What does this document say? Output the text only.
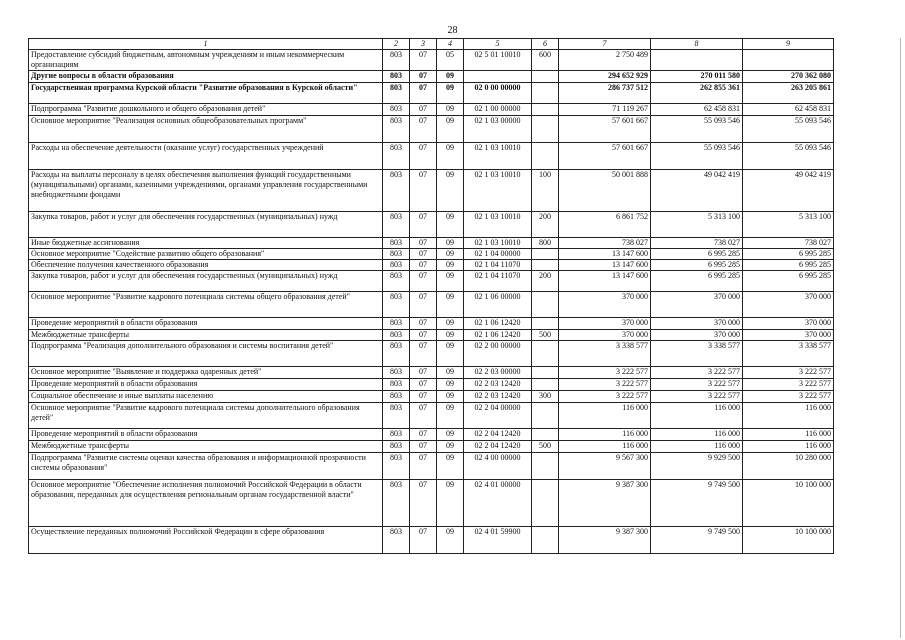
28
1	2	3	4	5	6	7	8	9
Предоставление субсидий бюджетным, автономным учреждениям и иным некоммерческим организациям	803	07	05	02 5 01 10010	600	2 750 489		
Другие вопросы в области образования	803	07	09			294 652 929	270 011 580	270 362 080
Государственная программа Курской области "Развитие образования в Курской области"	803	07	09	02 0 00 00000		286 737 512	262 855 361	263 205 861
Подпрограмма "Развитие дошкольного и общего образования детей"	803	07	09	02 1 00 00000		71 119 267	62 458 831	62 458 831
Основное мероприятие "Реализация основных общеобразовательных программ"	803	07	09	02 1 03 00000		57 601 667	55 093 546	55 093 546
Расходы на обеспечение деятельности (оказание услуг) государственных учреждений	803	07	09	02 1 03 10010		57 601 667	55 093 546	55 093 546
Расходы на выплаты персоналу в целях обеспечения выполнения функций государственными (муниципальными) органами, казенными учреждениями, органами управления государственными внебюджетными фондами	803	07	09	02 1 03 10010	100	50 001 888	49 042 419	49 042 419
Закупка товаров, работ и услуг для обеспечения государственных (муниципальных) нужд	803	07	09	02 1 03 10010	200	6 861 752	5 313 100	5 313 100
Иные бюджетные ассигнования	803	07	09	02 1 03 10010	800	738 027	738 027	738 027
Основное мероприятие "Содействие развитию общего образования"	803	07	09	02 1 04 00000		13 147 600	6 995 285	6 995 285
Обеспечение получения качественного образования	803	07	09	02 1 04 11070		13 147 600	6 995 285	6 995 285
Закупка товаров, работ и услуг для обеспечения государственных (муниципальных) нужд	803	07	09	02 1 04 11070	200	13 147 600	6 995 285	6 995 285
Основное мероприятие "Развитие кадрового потенциала системы общего образования детей"	803	07	09	02 1 06 00000		370 000	370 000	370 000
Проведение мероприятий в области образования	803	07	09	02 1 06 12420		370 000	370 000	370 000
Межбюджетные трансферты	803	07	09	02 1 06 12420	500	370 000	370 000	370 000
Подпрограмма "Реализация дополнительного образования и системы воспитания детей"	803	07	09	02 2 00 00000		3 338 577	3 338 577	3 338 577
Основное мероприятие "Выявление и поддержка одаренных детей"	803	07	09	02 2 03 00000		3 222 577	3 222 577	3 222 577
Проведение мероприятий в области образования	803	07	09	02 2 03 12420		3 222 577	3 222 577	3 222 577
Социальное обеспечение и иные выплаты населению	803	07	09	02 2 03 12420	300	3 222 577	3 222 577	3 222 577
Основное мероприятие "Развитие кадрового потенциала системы дополнительного образования детей"	803	07	09	02 2 04 00000		116 000	116 000	116 000
Проведение мероприятий в области образования	803	07	09	02 2 04 12420		116 000	116 000	116 000
Межбюджетные трансферты	803	07	09	02 2 04 12420	500	116 000	116 000	116 000
Подпрограмма "Развитие системы оценки качества образования и информационной прозрачности системы образования"	803	07	09	02 4 00 00000		9 567 300	9 929 500	10 280 000
Основное мероприятие "Обеспечение исполнения полномочий Российской Федерации в области образования, переданных для осуществления региональным органам государственной власти"	803	07	09	02 4 01 00000		9 387 300	9 749 500	10 100 000
Осуществление переданных полномочий Российской Федерации в сфере образования	803	07	09	02 4 01 59900		9 387 300	9 749 500	10 100 000
